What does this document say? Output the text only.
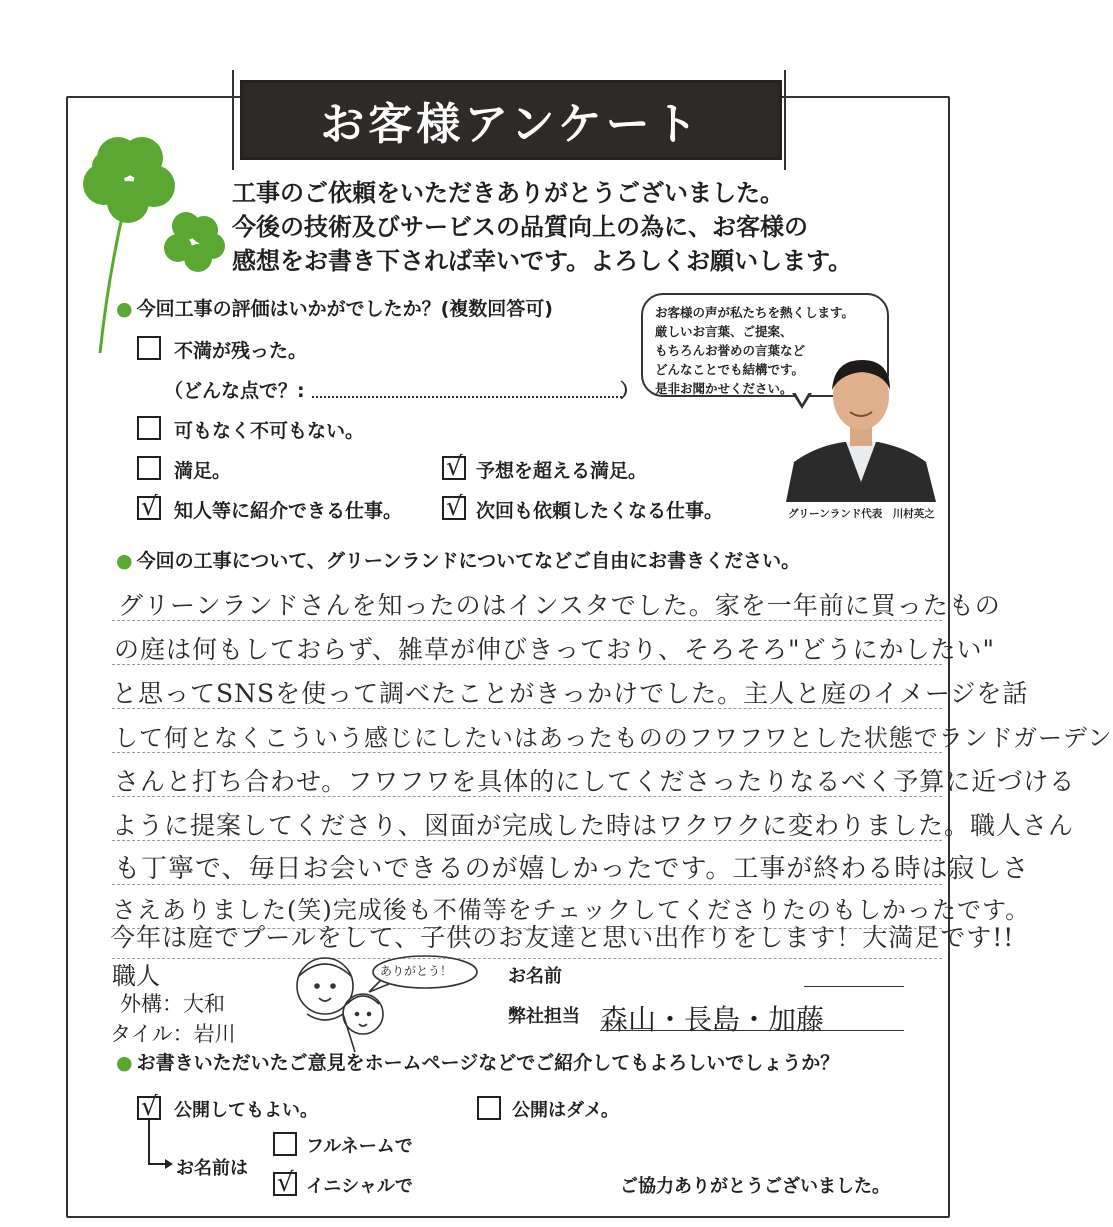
お客様アンケート
工事のご依頼をいただきありがとうございました。
今後の技術及びサービスの品質向上の為に、お客様の
感想をお書き下されば幸いです。よろしくお願いします。
● 今回工事の評価はいかがでしたか？(複数回答可)
不満が残った。
（どんな点で？:	）
可もなく不可もない。
満足。	√ 予想を超える満足。
√ 知人等に紹介できる仕事。 √ 次回も依頼したくなる仕事。
お客様の声が私たちを熱くします。
厳しいお言葉、ご提案、
もちろんお誉めの言葉など
どんなことでも結構です。
是非お聞かせください。
グリーンランド代表　川村英之
● 今回の工事について、グリーンランドについてなどご自由にお書きください。
グリーンランドさんを知ったのはインスタでした。家を一年前に買ったもの
の庭は何もしておらず、雑草が伸びきっており、そろそろ"どうにかしたい"
と思ってSNSを使って調べたことがきっかけでした。主人と庭のイメージを話
して何となくこういう感じにしたいはあったもののフワフワとした状態でランドガーデン
さんと打ち合わせ。フワフワを具体的にしてくださったりなるべく予算に近づける
ように提案してくださり、図面が完成した時はワクワクに変わりました。職人さん
も丁寧で、毎日お会いできるのが嬉しかったです。工事が終わる時は寂しさ
さえありました(笑)完成後も不備等をチェックしてくださりたのもしかったです。
今年は庭でプールをして、子供のお友達と思い出作りをします！大満足です!!
職人
外構：大和
タイル：岩川
ありがとう！	お名前
弊社担当 森山・長島・加藤
● お書きいただいたご意見をホームページなどでご紹介してもよろしいでしょうか？
√ 公開してもよい。	公開はダメ。
お名前は
フルネームで
√ イニシャルで	ご協力ありがとうございました。
